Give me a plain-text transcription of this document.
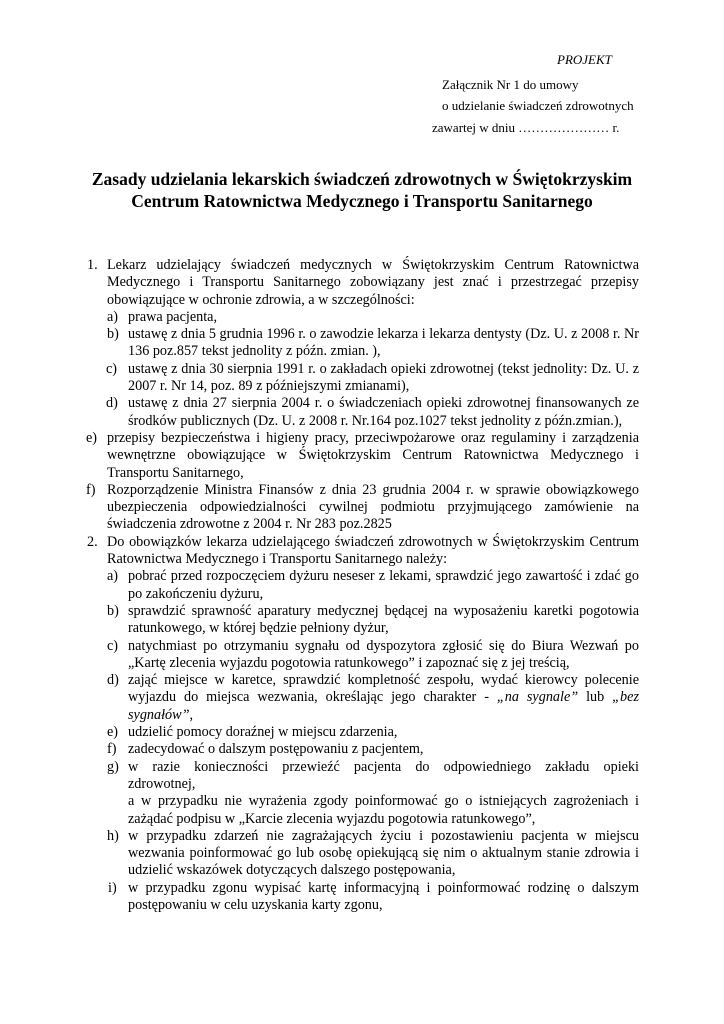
PROJEKT
Załącznik Nr 1 do umowy
o udzielanie świadczeń zdrowotnych
zawartej w dniu ………………… r.
Zasady udzielania lekarskich świadczeń zdrowotnych w Świętokrzyskim
Centrum Ratownictwa Medycznego i Transportu Sanitarnego
1. Lekarz udzielający świadczeń medycznych w Świętokrzyskim Centrum Ratownictwa Medycznego i Transportu Sanitarnego zobowiązany jest znać i przestrzegać przepisy obowiązujące w ochronie zdrowia, a w szczególności:
a) prawa pacjenta,
b) ustawę z dnia 5 grudnia 1996 r. o zawodzie lekarza i lekarza dentysty (Dz. U. z 2008 r. Nr 136 poz.857 tekst jednolity z późn. zmian. ),
c) ustawę z dnia 30 sierpnia 1991 r. o zakładach opieki zdrowotnej (tekst jednolity: Dz. U. z 2007 r. Nr 14, poz. 89 z późniejszymi zmianami),
d) ustawę z dnia 27 sierpnia 2004 r. o świadczeniach opieki zdrowotnej finansowanych ze środków publicznych (Dz. U. z 2008 r. Nr.164 poz.1027 tekst jednolity z późn.zmian.),
e) przepisy bezpieczeństwa i higieny pracy, przeciwpożarowe oraz regulaminy i zarządzenia wewnętrzne obowiązujące w Świętokrzyskim Centrum Ratownictwa Medycznego i Transportu Sanitarnego,
f) Rozporządzenie Ministra Finansów z dnia 23 grudnia 2004 r. w sprawie obowiązkowego ubezpieczenia odpowiedzialności cywilnej podmiotu przyjmującego zamówienie na świadczenia zdrowotne z 2004 r. Nr 283 poz.2825
2. Do obowiązków lekarza udzielającego świadczeń zdrowotnych w Świętokrzyskim Centrum Ratownictwa Medycznego i Transportu Sanitarnego należy:
a) pobrać przed rozpoczęciem dyżuru neseser z lekami, sprawdzić jego zawartość i zdać go po zakończeniu dyżuru,
b) sprawdzić sprawność aparatury medycznej będącej na wyposażeniu karetki pogotowia ratunkowego, w której będzie pełniony dyżur,
c) natychmiast po otrzymaniu sygnału od dyspozytora zgłosić się do Biura Wezwań po „Kartę zlecenia wyjazdu pogotowia ratunkowego” i zapoznać się z jej treścią,
d) zająć miejsce w karetce, sprawdzić kompletność zespołu, wydać kierowcy polecenie wyjazdu do miejsca wezwania, określając jego charakter - „na sygnale” lub „bez sygnałów”,
e) udzielić pomocy doraźnej w miejscu zdarzenia,
f) zadecydować o dalszym postępowaniu z pacjentem,
g) w razie konieczności przewieźć pacjenta do odpowiedniego zakładu opieki zdrowotnej,
a w przypadku nie wyrażenia zgody poinformować go o istniejących zagrożeniach i zażądać podpisu w „Karcie zlecenia wyjazdu pogotowia ratunkowego”,
h) w przypadku zdarzeń nie zagrażających życiu i pozostawieniu pacjenta w miejscu wezwania poinformować go lub osobę opiekującą się nim o aktualnym stanie zdrowia i udzielić wskazówek dotyczących dalszego postępowania,
i) w przypadku zgonu wypisać kartę informacyjną i poinformować rodzinę o dalszym postępowaniu w celu uzyskania karty zgonu,
